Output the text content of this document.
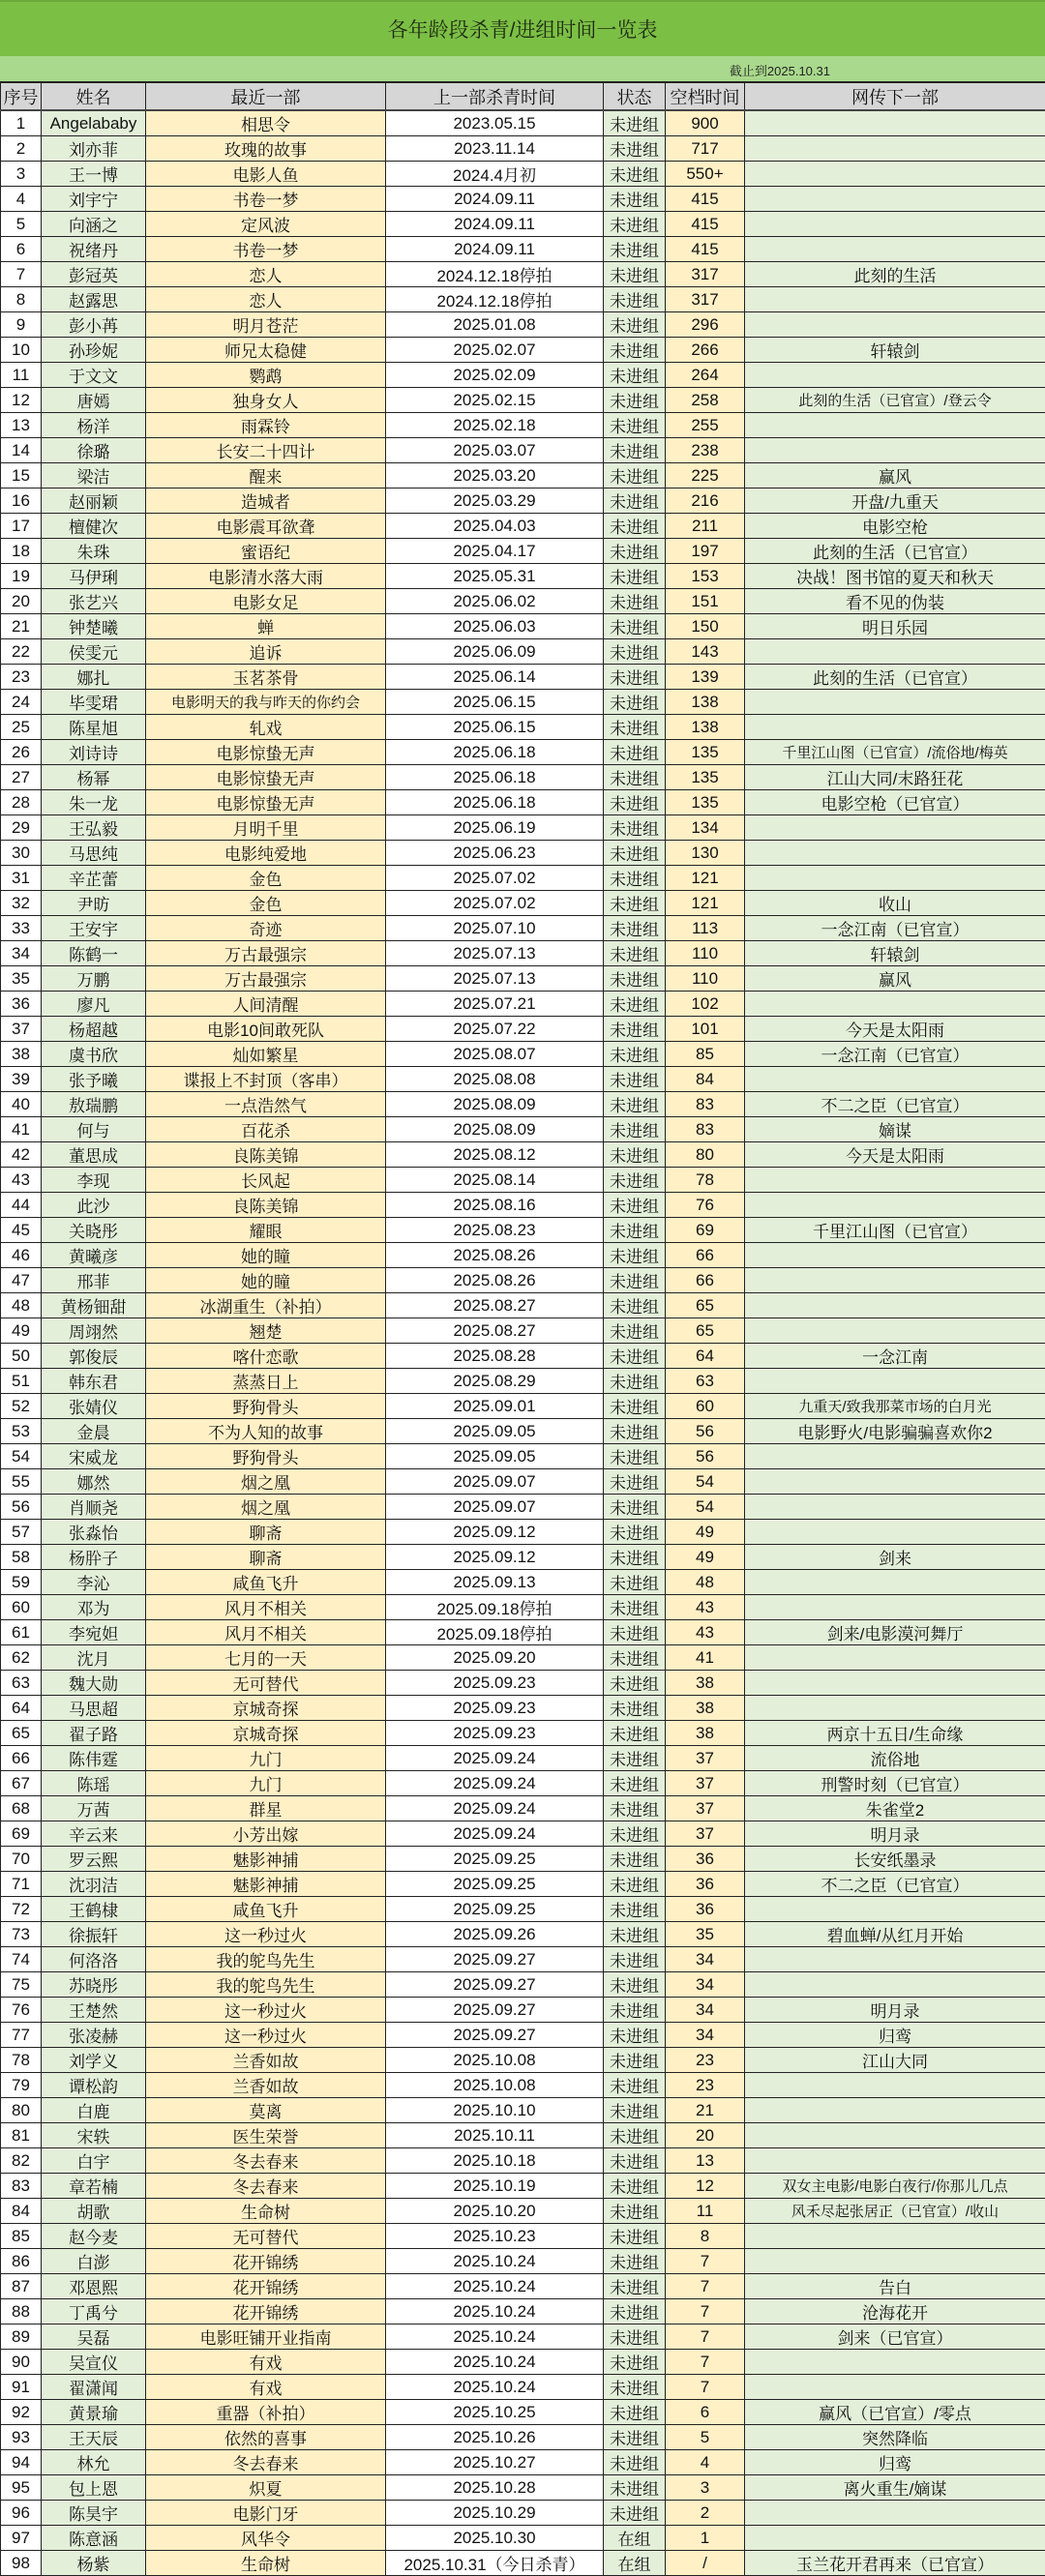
各年龄段杀青/进组时间一览表
截止到2025.10.31
序号	姓名	最近一部	上一部杀青时间	状态	空档时间	网传下一部
1	Angelababy	相思令	2023.05.15	未进组	900	
2	刘亦菲	玫瑰的故事	2023.11.14	未进组	717	
3	王一博	电影人鱼	2024.4月初	未进组	550+	
4	刘宇宁	书卷一梦	2024.09.11	未进组	415	
5	向涵之	定风波	2024.09.11	未进组	415	
6	祝绪丹	书卷一梦	2024.09.11	未进组	415	
7	彭冠英	恋人	2024.12.18停拍	未进组	317	此刻的生活
8	赵露思	恋人	2024.12.18停拍	未进组	317	
9	彭小苒	明月苍茫	2025.01.08	未进组	296	
10	孙珍妮	师兄太稳健	2025.02.07	未进组	266	轩辕剑
11	于文文	鹦鹉	2025.02.09	未进组	264	
12	唐嫣	独身女人	2025.02.15	未进组	258	此刻的生活（已官宣）/登云令
13	杨洋	雨霖铃	2025.02.18	未进组	255	
14	徐璐	长安二十四计	2025.03.07	未进组	238	
15	梁洁	醒来	2025.03.20	未进组	225	赢风
16	赵丽颖	造城者	2025.03.29	未进组	216	开盘/九重天
17	檀健次	电影震耳欲聋	2025.04.03	未进组	211	电影空枪
18	朱珠	蜜语纪	2025.04.17	未进组	197	此刻的生活（已官宣）
19	马伊琍	电影清水落大雨	2025.05.31	未进组	153	决战！图书馆的夏天和秋天
20	张艺兴	电影女足	2025.06.02	未进组	151	看不见的伪装
21	钟楚曦	蝉	2025.06.03	未进组	150	明日乐园
22	侯雯元	追诉	2025.06.09	未进组	143	
23	娜扎	玉茗茶骨	2025.06.14	未进组	139	此刻的生活（已官宣）
24	毕雯珺	电影明天的我与昨天的你约会	2025.06.15	未进组	138	
25	陈星旭	轧戏	2025.06.15	未进组	138	
26	刘诗诗	电影惊蛰无声	2025.06.18	未进组	135	千里江山图（已官宣）/流俗地/梅英
27	杨幂	电影惊蛰无声	2025.06.18	未进组	135	江山大同/末路狂花
28	朱一龙	电影惊蛰无声	2025.06.18	未进组	135	电影空枪（已官宣）
29	王弘毅	月明千里	2025.06.19	未进组	134	
30	马思纯	电影纯爱地	2025.06.23	未进组	130	
31	辛芷蕾	金色	2025.07.02	未进组	121	
32	尹昉	金色	2025.07.02	未进组	121	收山
33	王安宇	奇迹	2025.07.10	未进组	113	一念江南（已官宣）
34	陈鹤一	万古最强宗	2025.07.13	未进组	110	轩辕剑
35	万鹏	万古最强宗	2025.07.13	未进组	110	赢风
36	廖凡	人间清醒	2025.07.21	未进组	102	
37	杨超越	电影10间敢死队	2025.07.22	未进组	101	今天是太阳雨
38	虞书欣	灿如繁星	2025.08.07	未进组	85	一念江南（已官宣）
39	张予曦	谍报上不封顶（客串）	2025.08.08	未进组	84	
40	敖瑞鹏	一点浩然气	2025.08.09	未进组	83	不二之臣（已官宣）
41	何与	百花杀	2025.08.09	未进组	83	嫡谋
42	董思成	良陈美锦	2025.08.12	未进组	80	今天是太阳雨
43	李现	长风起	2025.08.14	未进组	78	
44	此沙	良陈美锦	2025.08.16	未进组	76	
45	关晓彤	耀眼	2025.08.23	未进组	69	千里江山图（已官宣）
46	黄曦彦	她的瞳	2025.08.26	未进组	66	
47	邢菲	她的瞳	2025.08.26	未进组	66	
48	黄杨钿甜	冰湖重生（补拍）	2025.08.27	未进组	65	
49	周翊然	翘楚	2025.08.27	未进组	65	
50	郭俊辰	喀什恋歌	2025.08.28	未进组	64	一念江南
51	韩东君	蒸蒸日上	2025.08.29	未进组	63	
52	张婧仪	野狗骨头	2025.09.01	未进组	60	九重天/致我那菜市场的白月光
53	金晨	不为人知的故事	2025.09.05	未进组	56	电影野火/电影骗骗喜欢你2
54	宋威龙	野狗骨头	2025.09.05	未进组	56	
55	娜然	烟之凰	2025.09.07	未进组	54	
56	肖顺尧	烟之凰	2025.09.07	未进组	54	
57	张淼怡	聊斋	2025.09.12	未进组	49	
58	杨肸子	聊斋	2025.09.12	未进组	49	剑来
59	李沁	咸鱼飞升	2025.09.13	未进组	48	
60	邓为	风月不相关	2025.09.18停拍	未进组	43	
61	李宛妲	风月不相关	2025.09.18停拍	未进组	43	剑来/电影漠河舞厅
62	沈月	七月的一天	2025.09.20	未进组	41	
63	魏大勋	无可替代	2025.09.23	未进组	38	
64	马思超	京城奇探	2025.09.23	未进组	38	
65	翟子路	京城奇探	2025.09.23	未进组	38	两京十五日/生命缘
66	陈伟霆	九门	2025.09.24	未进组	37	流俗地
67	陈瑶	九门	2025.09.24	未进组	37	刑警时刻（已官宣）
68	万茜	群星	2025.09.24	未进组	37	朱雀堂2
69	辛云来	小芳出嫁	2025.09.24	未进组	37	明月录
70	罗云熙	魅影神捕	2025.09.25	未进组	36	长安纸墨录
71	沈羽洁	魅影神捕	2025.09.25	未进组	36	不二之臣（已官宣）
72	王鹤棣	咸鱼飞升	2025.09.25	未进组	36	
73	徐振轩	这一秒过火	2025.09.26	未进组	35	碧血蝉/从红月开始
74	何洛洛	我的鸵鸟先生	2025.09.27	未进组	34	
75	苏晓彤	我的鸵鸟先生	2025.09.27	未进组	34	
76	王楚然	这一秒过火	2025.09.27	未进组	34	明月录
77	张凌赫	这一秒过火	2025.09.27	未进组	34	归鸾
78	刘学义	兰香如故	2025.10.08	未进组	23	江山大同
79	谭松韵	兰香如故	2025.10.08	未进组	23	
80	白鹿	莫离	2025.10.10	未进组	21	
81	宋轶	医生荣誉	2025.10.11	未进组	20	
82	白宇	冬去春来	2025.10.18	未进组	13	
83	章若楠	冬去春来	2025.10.19	未进组	12	双女主电影/电影白夜行/你那儿几点
84	胡歌	生命树	2025.10.20	未进组	11	风禾尽起张居正（已官宣）/收山
85	赵今麦	无可替代	2025.10.23	未进组	8	
86	白澎	花开锦绣	2025.10.24	未进组	7	
87	邓恩熙	花开锦绣	2025.10.24	未进组	7	告白
88	丁禹兮	花开锦绣	2025.10.24	未进组	7	沧海花开
89	吴磊	电影旺铺开业指南	2025.10.24	未进组	7	剑来（已官宣）
90	吴宣仪	有戏	2025.10.24	未进组	7	
91	翟潇闻	有戏	2025.10.24	未进组	7	
92	黄景瑜	重器（补拍）	2025.10.25	未进组	6	赢风（已官宣）/零点
93	王天辰	依然的喜事	2025.10.26	未进组	5	突然降临
94	林允	冬去春来	2025.10.27	未进组	4	归鸾
95	包上恩	炽夏	2025.10.28	未进组	3	离火重生/嫡谋
96	陈昊宇	电影门牙	2025.10.29	未进组	2	
97	陈意涵	风华令	2025.10.30	在组	1	
98	杨紫	生命树	2025.10.31（今日杀青）	在组	/	玉兰花开君再来（已官宣）
